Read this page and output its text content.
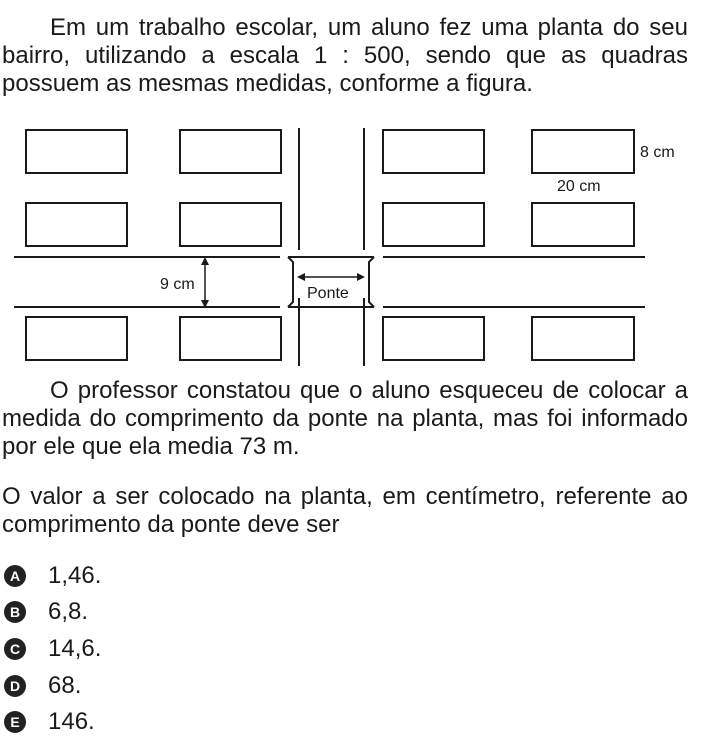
Em um trabalho escolar, um aluno fez uma planta do seu bairro, utilizando a escala 1 : 500, sendo que as quadras possuem as mesmas medidas, conforme a figura.

8 cm
20 cm
9 cm
Ponte

O professor constatou que o aluno esqueceu de colocar a medida do comprimento da ponte na planta, mas foi informado por ele que ela media 73 m.

O valor a ser colocado na planta, em centímetro, referente ao comprimento da ponte deve ser

A 1,46.
B 6,8.
C 14,6.
D 68.
E 146.
